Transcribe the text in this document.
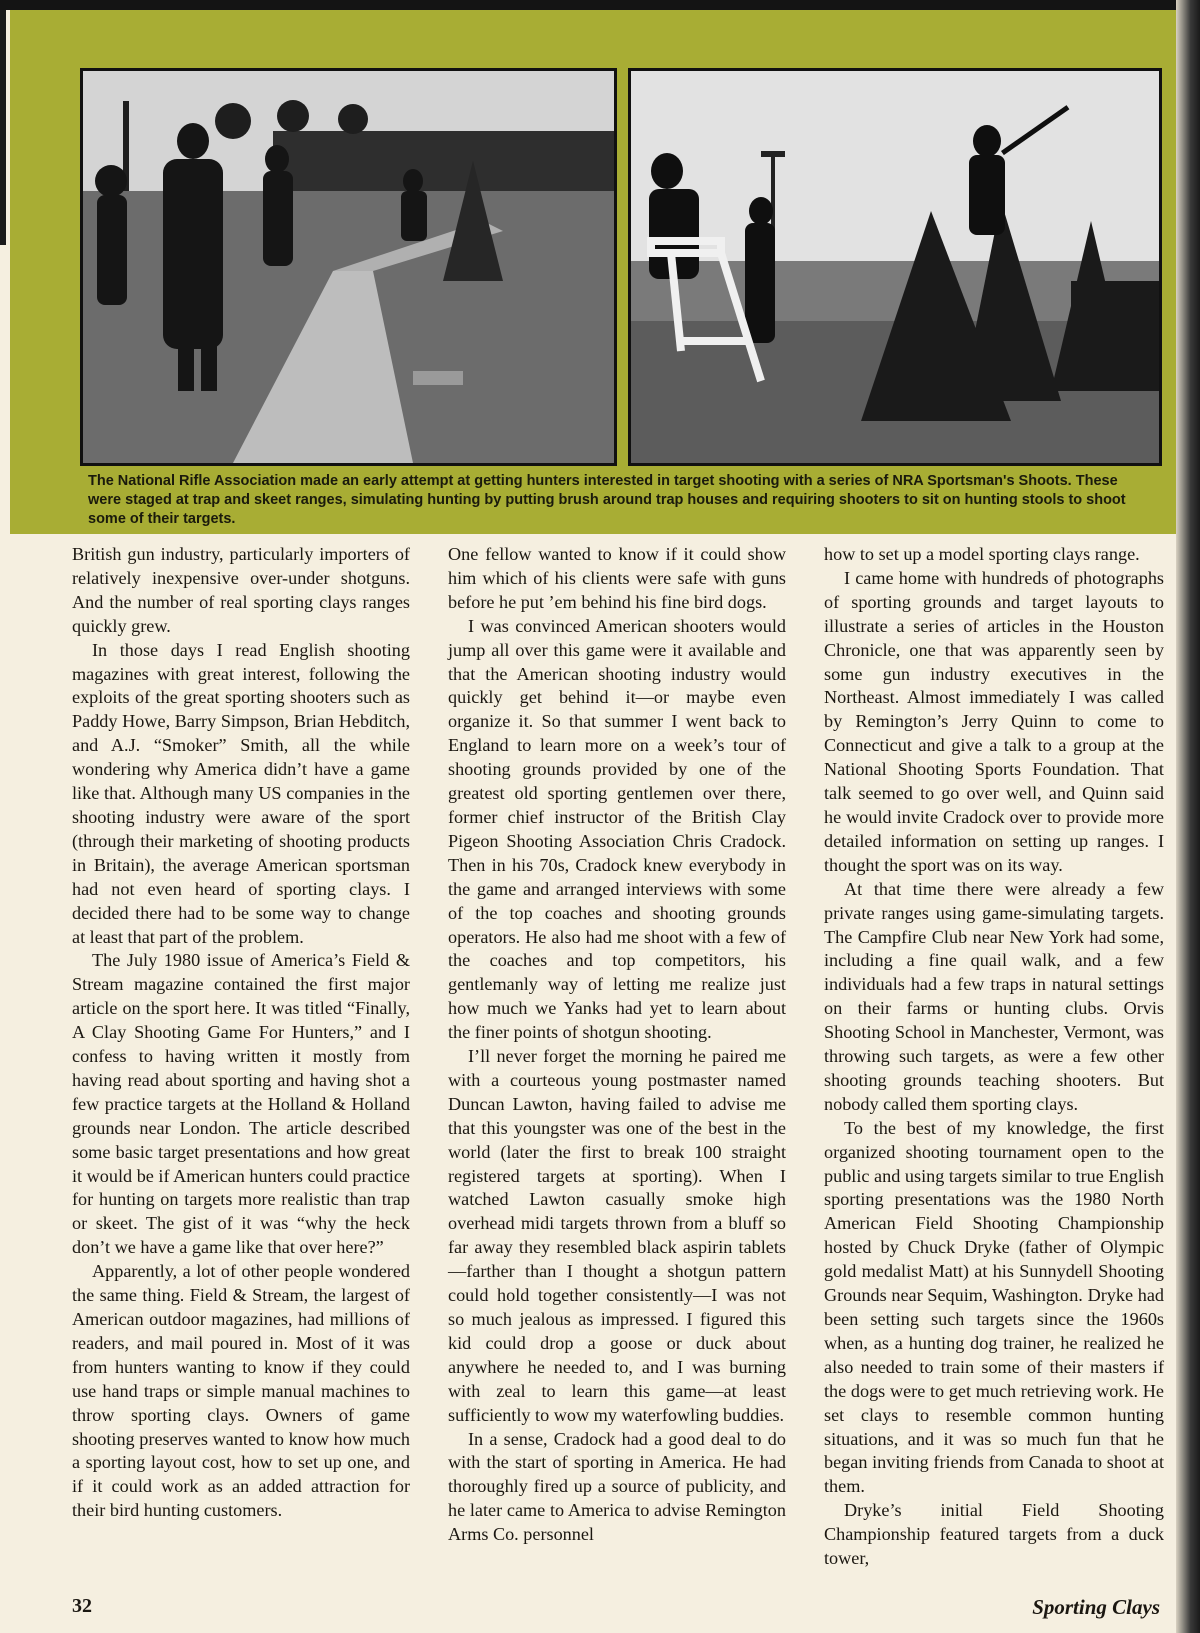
The National Rifle Association made an early attempt at getting hunters interested in target shooting with a series of NRA Sportsman's Shoots. These were staged at trap and skeet ranges, simulating hunting by putting brush around trap houses and requiring shooters to sit on hunting stools to shoot some of their targets.

British gun industry, particularly importers of relatively inexpensive over-under shotguns. And the number of real sporting clays ranges quickly grew.

In those days I read English shooting magazines with great interest, following the exploits of the great sporting shooters such as Paddy Howe, Barry Simpson, Brian Hebditch, and A.J. “Smoker” Smith, all the while wondering why America didn’t have a game like that. Although many US companies in the shooting industry were aware of the sport (through their marketing of shooting products in Britain), the average American sportsman had not even heard of sporting clays. I decided there had to be some way to change at least that part of the problem.

The July 1980 issue of America’s Field & Stream magazine contained the first major article on the sport here. It was titled “Finally, A Clay Shooting Game For Hunters,” and I confess to having written it mostly from having read about sporting and having shot a few practice targets at the Holland & Holland grounds near London. The article described some basic target presentations and how great it would be if American hunters could practice for hunting on targets more realistic than trap or skeet. The gist of it was “why the heck don’t we have a game like that over here?”

Apparently, a lot of other people wondered the same thing. Field & Stream, the largest of American outdoor magazines, had millions of readers, and mail poured in. Most of it was from hunters wanting to know if they could use hand traps or simple manual machines to throw sporting clays. Owners of game shooting preserves wanted to know how much a sporting layout cost, how to set up one, and if it could work as an added attraction for their bird hunting customers.

One fellow wanted to know if it could show him which of his clients were safe with guns before he put ’em behind his fine bird dogs.

I was convinced American shooters would jump all over this game were it available and that the American shooting industry would quickly get behind it—or maybe even organize it. So that summer I went back to England to learn more on a week’s tour of shooting grounds provided by one of the greatest old sporting gentlemen over there, former chief instructor of the British Clay Pigeon Shooting Association Chris Cradock. Then in his 70s, Cradock knew everybody in the game and arranged interviews with some of the top coaches and shooting grounds operators. He also had me shoot with a few of the coaches and top competitors, his gentlemanly way of letting me realize just how much we Yanks had yet to learn about the finer points of shotgun shooting.

I’ll never forget the morning he paired me with a courteous young postmaster named Duncan Lawton, having failed to advise me that this youngster was one of the best in the world (later the first to break 100 straight registered targets at sporting). When I watched Lawton casually smoke high overhead midi targets thrown from a bluff so far away they resembled black aspirin tablets—farther than I thought a shotgun pattern could hold together consistently—I was not so much jealous as impressed. I figured this kid could drop a goose or duck about anywhere he needed to, and I was burning with zeal to learn this game—at least sufficiently to wow my waterfowling buddies.

In a sense, Cradock had a good deal to do with the start of sporting in America. He had thoroughly fired up a source of publicity, and he later came to America to advise Remington Arms Co. personnel

how to set up a model sporting clays range.

I came home with hundreds of photographs of sporting grounds and target layouts to illustrate a series of articles in the Houston Chronicle, one that was apparently seen by some gun industry executives in the Northeast. Almost immediately I was called by Remington’s Jerry Quinn to come to Connecticut and give a talk to a group at the National Shooting Sports Foundation. That talk seemed to go over well, and Quinn said he would invite Cradock over to provide more detailed information on setting up ranges. I thought the sport was on its way.

At that time there were already a few private ranges using game-simulating targets. The Campfire Club near New York had some, including a fine quail walk, and a few individuals had a few traps in natural settings on their farms or hunting clubs. Orvis Shooting School in Manchester, Vermont, was throwing such targets, as were a few other shooting grounds teaching shooters. But nobody called them sporting clays.

To the best of my knowledge, the first organized shooting tournament open to the public and using targets similar to true English sporting presentations was the 1980 North American Field Shooting Championship hosted by Chuck Dryke (father of Olympic gold medalist Matt) at his Sunnydell Shooting Grounds near Sequim, Washington. Dryke had been setting such targets since the 1960s when, as a hunting dog trainer, he realized he also needed to train some of their masters if the dogs were to get much retrieving work. He set clays to resemble common hunting situations, and it was so much fun that he began inviting friends from Canada to shoot at them.

Dryke’s initial Field Shooting Championship featured targets from a duck tower,

32	Sporting Clays
